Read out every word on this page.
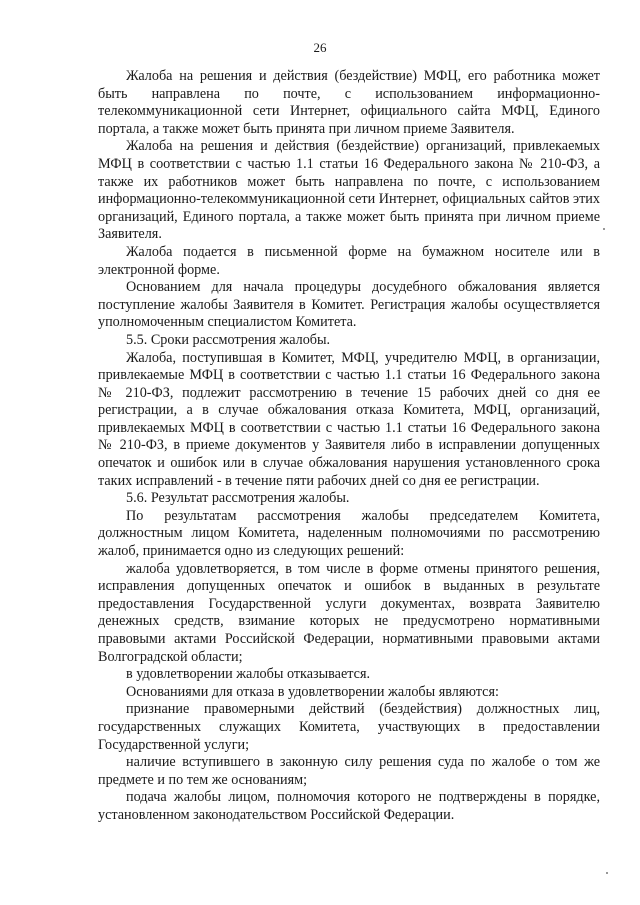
26

Жалоба на решения и действия (бездействие) МФЦ, его работника может быть направлена по почте, с использованием информационно-телекоммуникационной сети Интернет, официального сайта МФЦ, Единого портала, а также может быть принята при личном приеме Заявителя.

Жалоба на решения и действия (бездействие) организаций, привлекаемых МФЦ в соответствии с частью 1.1 статьи 16 Федерального закона № 210-ФЗ, а также их работников может быть направлена по почте, с использованием информационно-телекоммуникационной сети Интернет, официальных сайтов этих организаций, Единого портала, а также может быть принята при личном приеме Заявителя.

Жалоба подается в письменной форме на бумажном носителе или в электронной форме.

Основанием для начала процедуры досудебного обжалования является поступление жалобы Заявителя в Комитет. Регистрация жалобы осуществляется уполномоченным специалистом Комитета.

5.5. Сроки рассмотрения жалобы.

Жалоба, поступившая в Комитет, МФЦ, учредителю МФЦ, в организации, привлекаемые МФЦ в соответствии с частью 1.1 статьи 16 Федерального закона № 210-ФЗ, подлежит рассмотрению в течение 15 рабочих дней со дня ее регистрации, а в случае обжалования отказа Комитета, МФЦ, организаций, привлекаемых МФЦ в соответствии с частью 1.1 статьи 16 Федерального закона № 210-ФЗ, в приеме документов у Заявителя либо в исправлении допущенных опечаток и ошибок или в случае обжалования нарушения установленного срока таких исправлений - в течение пяти рабочих дней со дня ее регистрации.

5.6. Результат рассмотрения жалобы.

По результатам рассмотрения жалобы председателем Комитета, должностным лицом Комитета, наделенным полномочиями по рассмотрению жалоб, принимается одно из следующих решений:

жалоба удовлетворяется, в том числе в форме отмены принятого решения, исправления допущенных опечаток и ошибок в выданных в результате предоставления Государственной услуги документах, возврата Заявителю денежных средств, взимание которых не предусмотрено нормативными правовыми актами Российской Федерации, нормативными правовыми актами Волгоградской области;

в удовлетворении жалобы отказывается.

Основаниями для отказа в удовлетворении жалобы являются:

признание правомерными действий (бездействия) должностных лиц, государственных служащих Комитета, участвующих в предоставлении Государственной услуги;

наличие вступившего в законную силу решения суда по жалобе о том же предмете и по тем же основаниям;

подача жалобы лицом, полномочия которого не подтверждены в порядке, установленном законодательством Российской Федерации.
